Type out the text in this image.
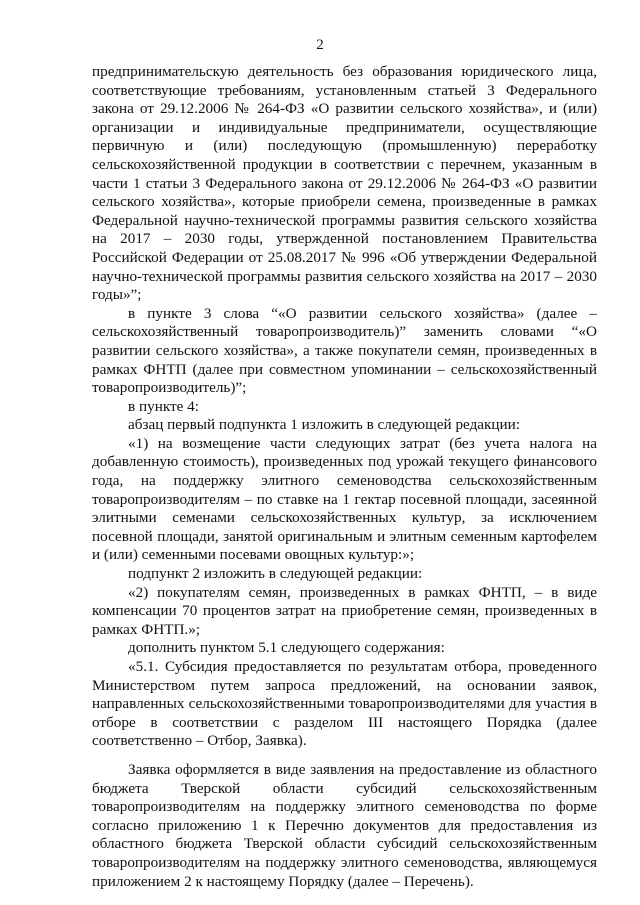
2

предпринимательскую деятельность без образования юридического лица, соответствующие требованиям, установленным статьей 3 Федерального закона от 29.12.2006 № 264-ФЗ «О развитии сельского хозяйства», и (или) организации и индивидуальные предприниматели, осуществляющие первичную и (или) последующую (промышленную) переработку сельскохозяйственной продукции в соответствии с перечнем, указанным в части 1 статьи 3 Федерального закона от 29.12.2006 № 264-ФЗ «О развитии сельского хозяйства», которые приобрели семена, произведенные в рамках Федеральной научно-технической программы развития сельского хозяйства на 2017 – 2030 годы, утвержденной постановлением Правительства Российской Федерации от 25.08.2017 № 996 «Об утверждении Федеральной научно-технической программы развития сельского хозяйства на 2017 – 2030 годы»”;

в пункте 3 слова “«О развитии сельского хозяйства» (далее – сельскохозяйственный товаропроизводитель)” заменить словами “«О развитии сельского хозяйства», а также покупатели семян, произведенных в рамках ФНТП (далее при совместном упоминании – сельскохозяйственный товаропроизводитель)”;

в пункте 4:

абзац первый подпункта 1 изложить в следующей редакции:

«1) на возмещение части следующих затрат (без учета налога на добавленную стоимость), произведенных под урожай текущего финансового года, на поддержку элитного семеноводства сельскохозяйственным товаропроизводителям – по ставке на 1 гектар посевной площади, засеянной элитными семенами сельскохозяйственных культур, за исключением посевной площади, занятой оригинальным и элитным семенным картофелем и (или) семенными посевами овощных культур:»;

подпункт 2 изложить в следующей редакции:

«2) покупателям семян, произведенных в рамках ФНТП, – в виде компенсации 70 процентов затрат на приобретение семян, произведенных в рамках ФНТП.»;

дополнить пунктом 5.1 следующего содержания:

«5.1. Субсидия предоставляется по результатам отбора, проведенного Министерством путем запроса предложений, на основании заявок, направленных сельскохозяйственными товаропроизводителями для участия в отборе в соответствии с разделом III настоящего Порядка (далее соответственно – Отбор, Заявка).

Заявка оформляется в виде заявления на предоставление из областного бюджета Тверской области субсидий сельскохозяйственным товаропроизводителям на поддержку элитного семеноводства по форме согласно приложению 1 к Перечню документов для предоставления из областного бюджета Тверской области субсидий сельскохозяйственным товаропроизводителям на поддержку элитного семеноводства, являющемуся приложением 2 к настоящему Порядку (далее – Перечень).
